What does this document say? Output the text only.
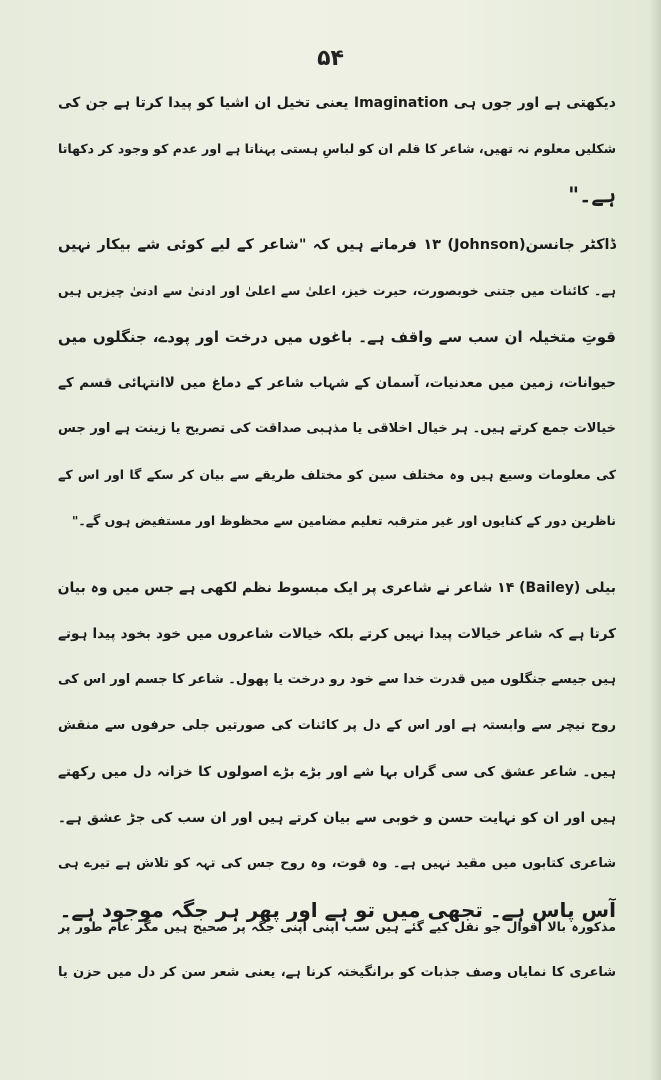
۵۴
دیکھتی ہے اور جوں ہی Imagination یعنی تخیل ان اشیا کو پیدا کرتا ہے جن کی
شکلیں معلوم نہ تھیں، شاعر کا قلم ان کو لباسِ ہستی پہناتا ہے اور عدم کو وجود کر دکھاتا
ہے۔"
ڈاکٹر جانسن(Johnson) ۱۳ فرماتے ہیں کہ "شاعر کے لیے کوئی شے بیکار نہیں
ہے۔ کائنات میں جتنی خوبصورت، حیرت خیز، اعلیٰ سے اعلیٰ اور ادنیٰ سے ادنیٰ چیزیں ہیں
قوتِ متخیلہ ان سب سے واقف ہے۔ باغوں میں درخت اور پودے، جنگلوں میں
حیوانات، زمین میں معدنیات، آسمان کے شہاب شاعر کے دماغ میں لاانتہائی قسم کے
خیالات جمع کرتے ہیں۔ ہر خیال اخلاقی یا مذہبی صداقت کی تصریح یا زینت ہے اور جس
کی معلومات وسیع ہیں وہ مختلف سین کو مختلف طریقے سے بیان کر سکے گا اور اس کے
ناظرین دور کے کنایوں اور غیر مترقبہ تعلیم مضامین سے محظوظ اور مستفیض ہوں گے۔"
بیلی (Bailey) ۱۴ شاعر نے شاعری پر ایک مبسوط نظم لکھی ہے جس میں وہ بیان
کرتا ہے کہ شاعر خیالات پیدا نہیں کرتے بلکہ خیالات شاعروں میں خود بخود پیدا ہوتے
ہیں جیسے جنگلوں میں قدرت خدا سے خود رو درخت یا پھول۔ شاعر کا جسم اور اس کی
روح نیچر سے وابستہ ہے اور اس کے دل پر کائنات کی صورتیں جلی حرفوں سے منقش
ہیں۔ شاعر عشق کی سی گراں بہا شے اور بڑے بڑے اصولوں کا خزانہ دل میں رکھتے
ہیں اور ان کو نہایت حسن و خوبی سے بیان کرتے ہیں اور ان سب کی جڑ عشق ہے۔
شاعری کتابوں میں مقید نہیں ہے۔ وہ قوت، وہ روح جس کی تہہ کو تلاش ہے تیرے ہی
آس پاس ہے۔ تجھی میں تو ہے اور پھر ہر جگہ موجود ہے۔
مذکورہ بالا اقوال جو نقل کیے گئے ہیں سب اپنی اپنی جگہ پر صحیح ہیں مگر عام طور پر
شاعری کا نمایاں وصف جذبات کو برانگیختہ کرنا ہے، یعنی شعر سن کر دل میں حزن یا
